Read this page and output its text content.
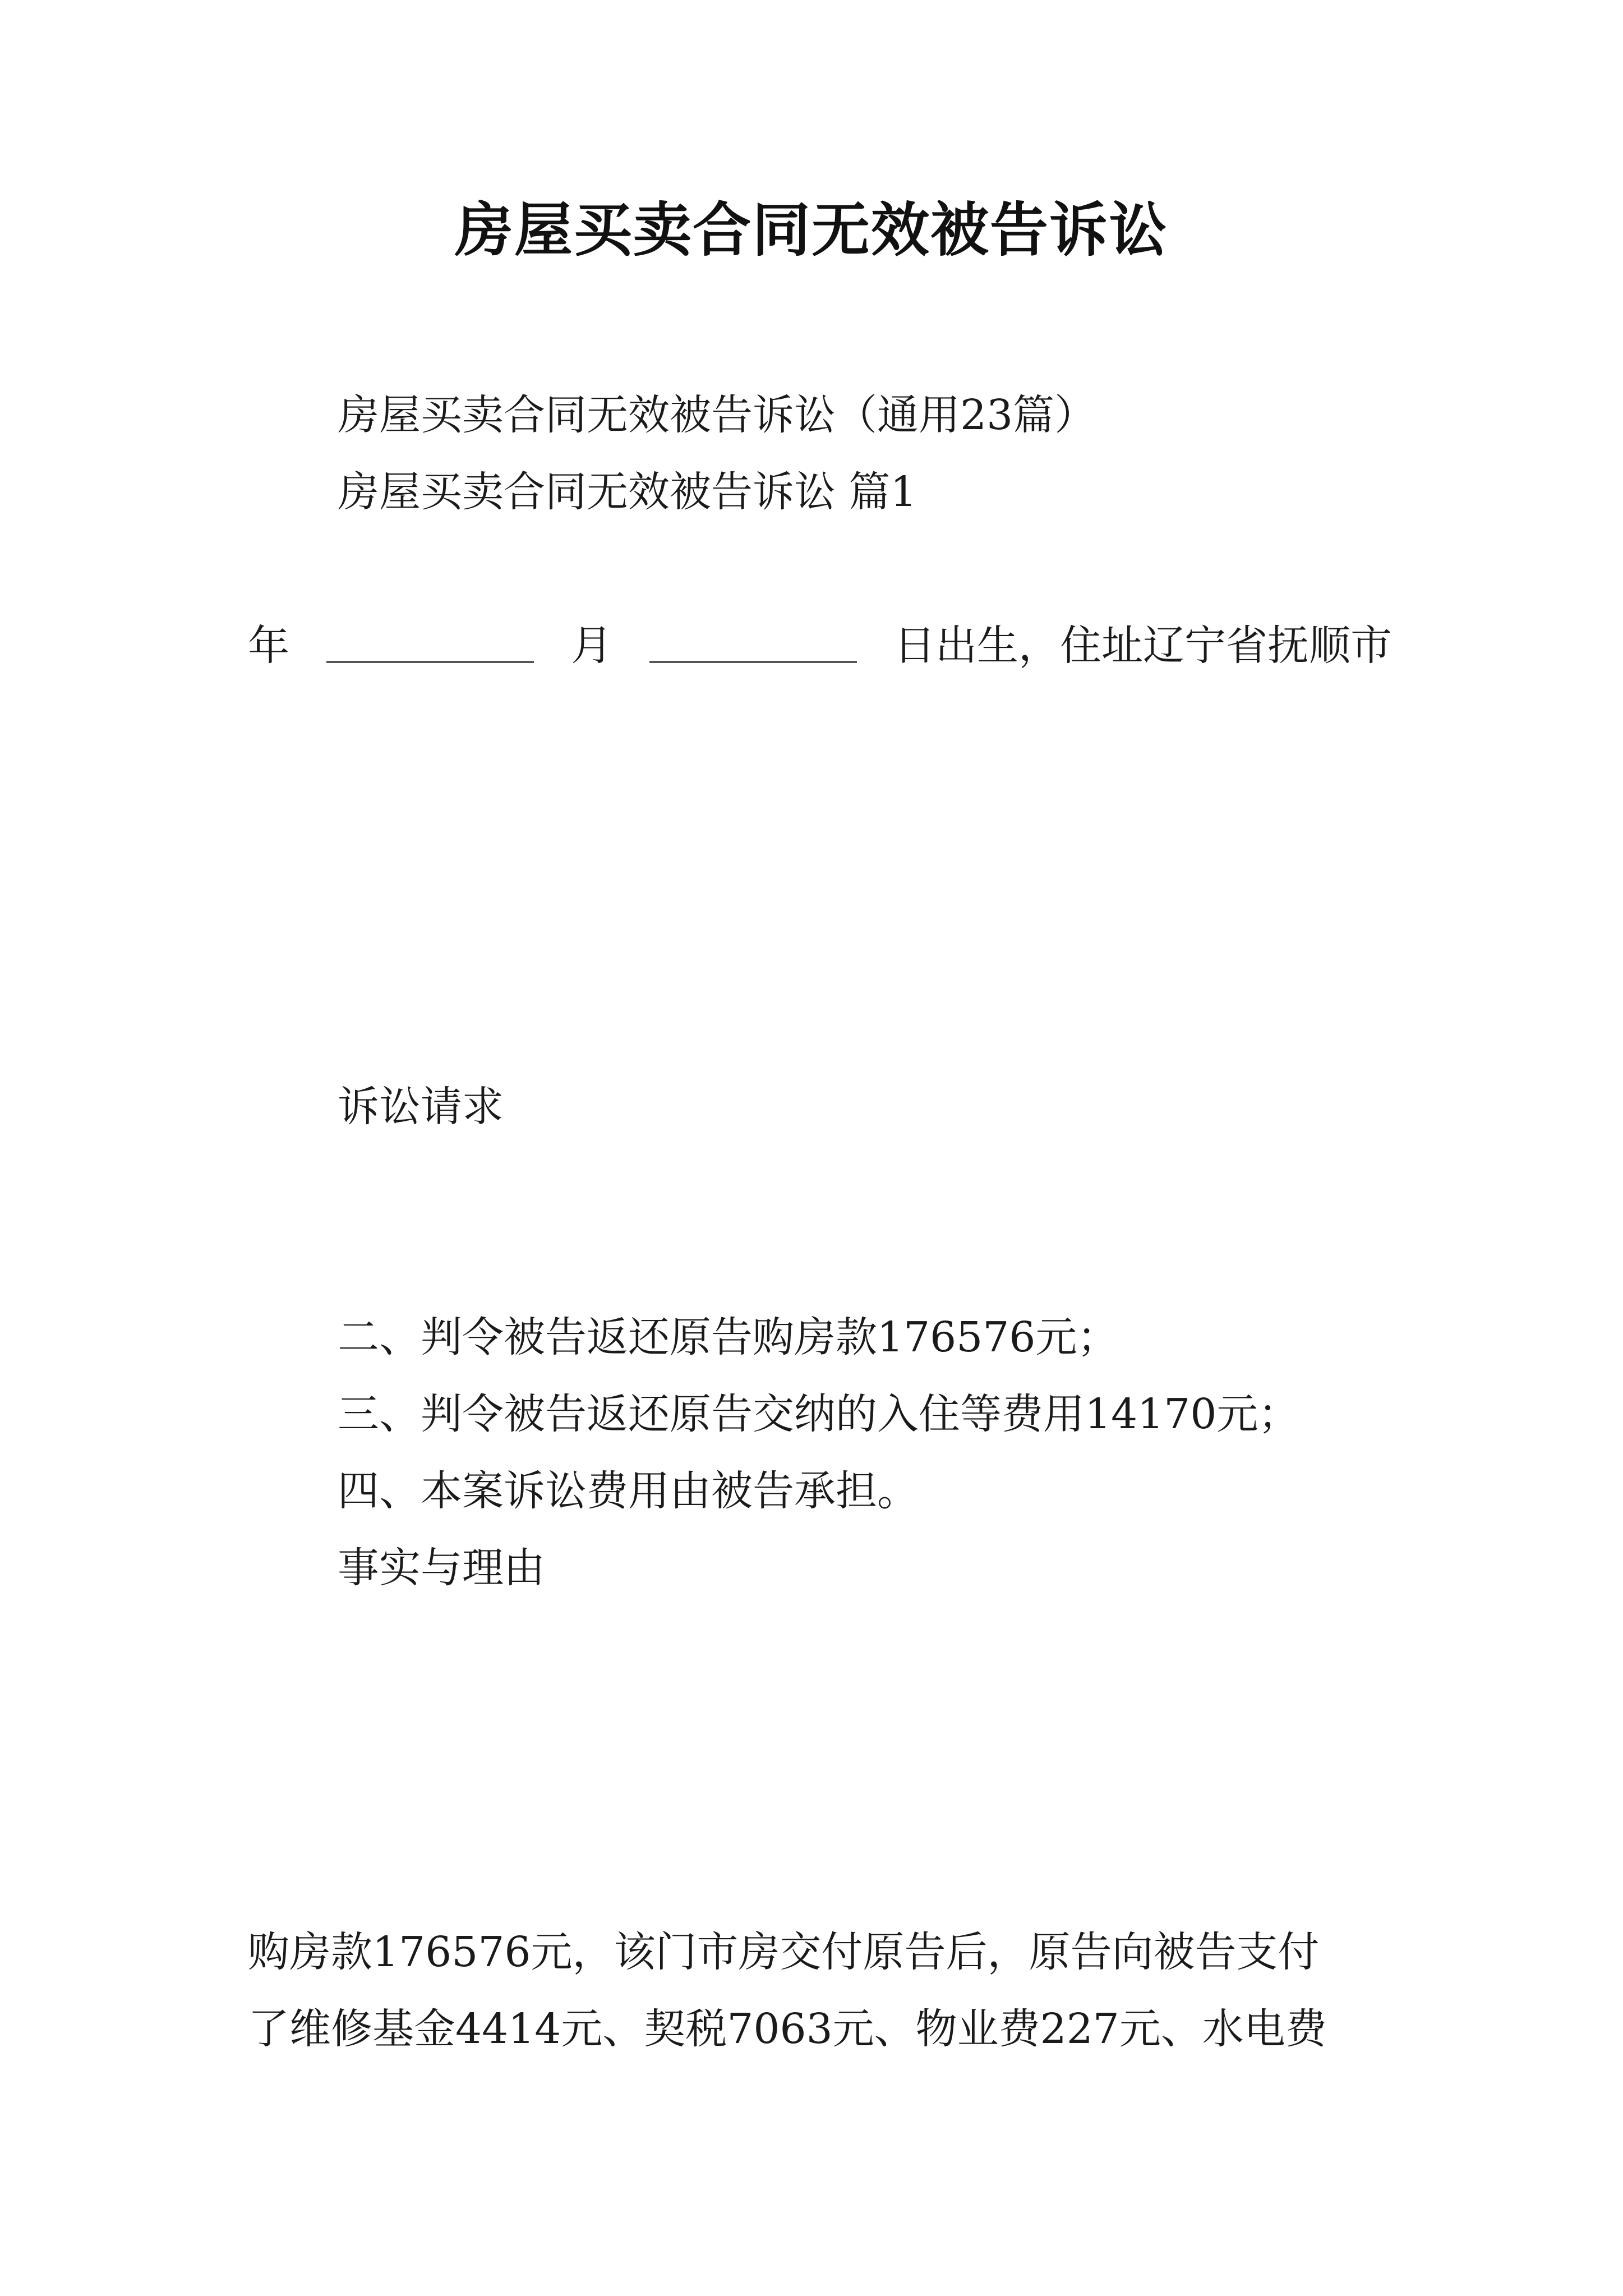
房屋买卖合同无效被告诉讼
房屋买卖合同无效被告诉讼（通用23篇）
房屋买卖合同无效被告诉讼 篇1

年	月	日出生，住址辽宁省抚顺市

诉讼请求

二、判令被告返还原告购房款176576元；
三、判令被告返还原告交纳的入住等费用14170元；
四、本案诉讼费用由被告承担。
事实与理由

购房款176576元，该门市房交付原告后，原告向被告支付
了维修基金4414元、契税7063元、物业费227元、水电费
